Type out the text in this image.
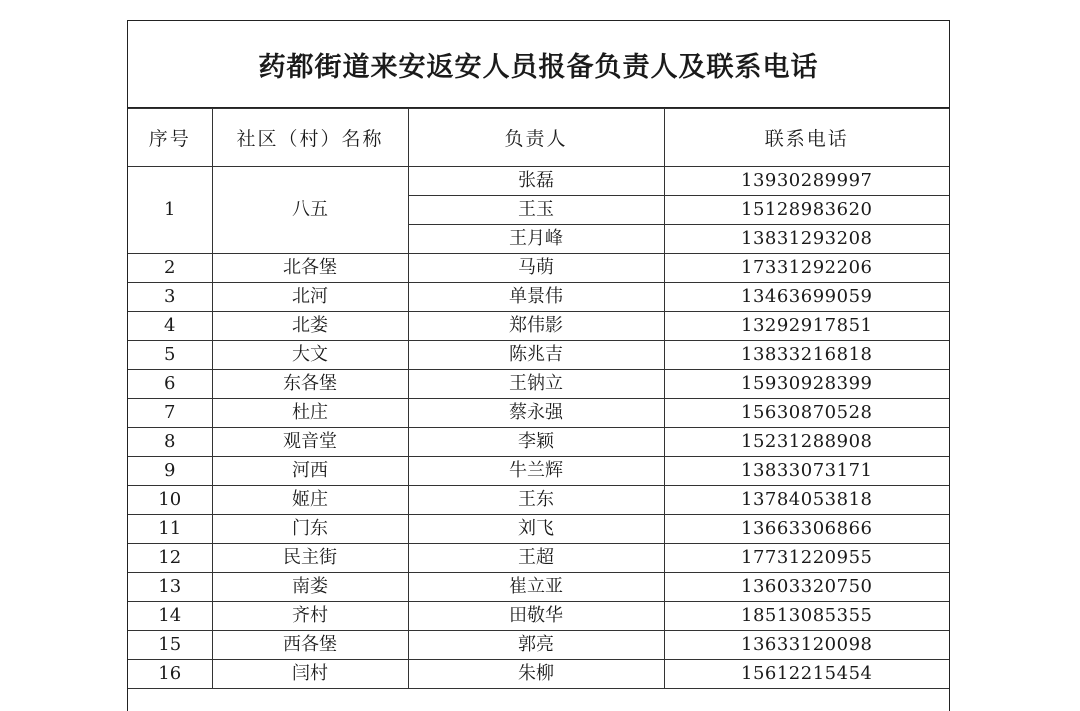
药都街道来安返安人员报备负责人及联系电话
序号	社区（村）名称	负责人	联系电话
1	八五	张磊	13930289997
		王玉	15128983620
		王月峰	13831293208
2	北各堡	马萌	17331292206
3	北河	单景伟	13463699059
4	北娄	郑伟影	13292917851
5	大文	陈兆吉	13833216818
6	东各堡	王钠立	15930928399
7	杜庄	蔡永强	15630870528
8	观音堂	李颖	15231288908
9	河西	牛兰辉	13833073171
10	姬庄	王东	13784053818
11	门东	刘飞	13663306866
12	民主街	王超	17731220955
13	南娄	崔立亚	13603320750
14	齐村	田敬华	18513085355
15	西各堡	郭亮	13633120098
16	闫村	朱柳	15612215454
